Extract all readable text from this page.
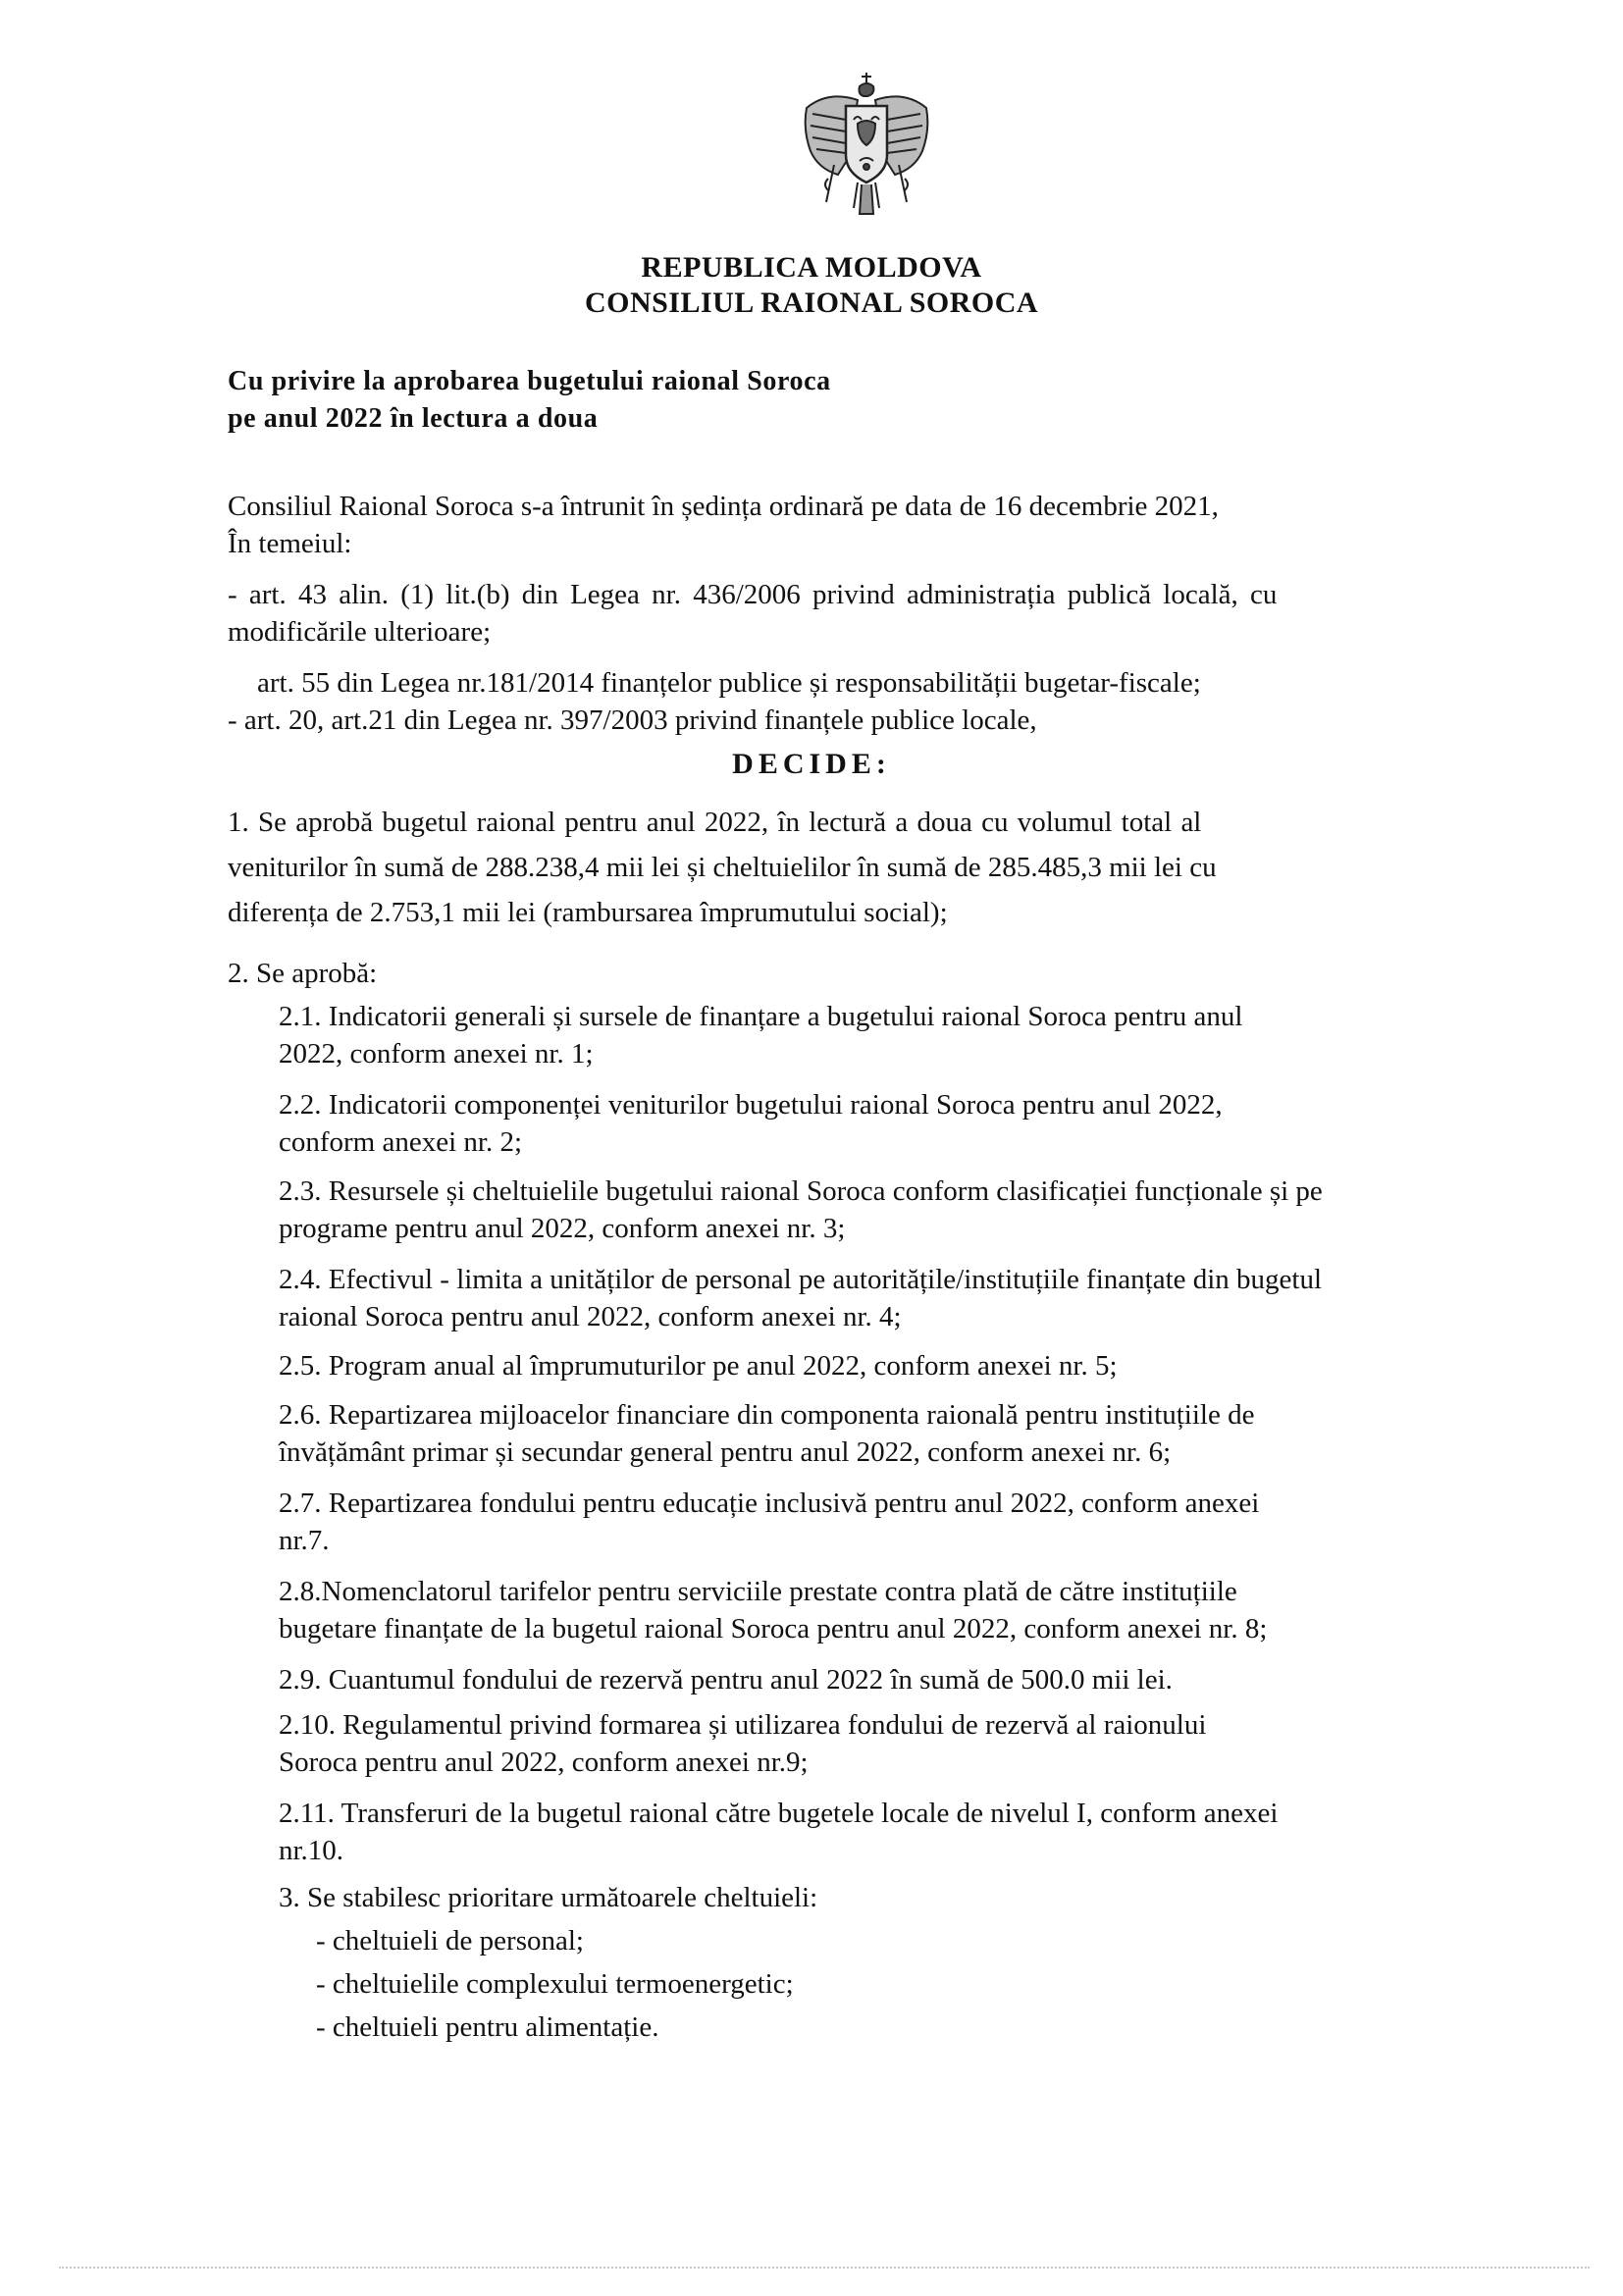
REPUBLICA MOLDOVA
CONSILIUL RAIONAL SOROCA
Cu privire la aprobarea bugetului raional Soroca
pe anul 2022 în lectura a doua
Consiliul Raional Soroca s-a întrunit în ședința ordinară pe data de 16 decembrie 2021,
În temeiul:
- art. 43 alin. (1) lit.(b) din Legea nr. 436/2006 privind administrația publică locală, cu
modificările ulterioare;
art. 55 din Legea nr.181/2014 finanțelor publice și responsabilității bugetar-fiscale;
- art. 20, art.21 din Legea nr. 397/2003 privind finanțele publice locale,
DECIDE:
1. Se aprobă bugetul raional pentru anul 2022, în lectură a doua cu volumul total al
veniturilor în sumă de 288.238,4 mii lei și cheltuielilor în sumă de 285.485,3 mii lei cu
diferența de 2.753,1 mii lei (rambursarea împrumutului social);
2. Se aprobă:
2.1. Indicatorii generali și sursele de finanțare a bugetului raional Soroca pentru anul
2022, conform anexei nr. 1;
2.2. Indicatorii componenței veniturilor bugetului raional Soroca pentru anul 2022,
conform anexei nr. 2;
2.3. Resursele și cheltuielile bugetului raional Soroca conform clasificației funcționale și pe
programe pentru anul 2022, conform anexei nr. 3;
2.4. Efectivul - limita a unităților de personal pe autoritățile/instituțiile finanțate din bugetul
raional Soroca pentru anul 2022, conform anexei nr. 4;
2.5. Program anual al împrumuturilor pe anul 2022, conform anexei nr. 5;
2.6. Repartizarea mijloacelor financiare din componenta raională pentru instituțiile de
învățământ primar și secundar general pentru anul 2022, conform anexei nr. 6;
2.7. Repartizarea fondului pentru educație inclusivă pentru anul 2022, conform anexei
nr.7.
2.8.Nomenclatorul tarifelor pentru serviciile prestate contra plată de către instituțiile
bugetare finanțate de la bugetul raional Soroca pentru anul 2022, conform anexei nr. 8;
2.9. Cuantumul fondului de rezervă pentru anul 2022 în sumă de 500.0 mii lei.
2.10. Regulamentul privind formarea și utilizarea fondului de rezervă al raionului
Soroca pentru anul 2022, conform anexei nr.9;
2.11. Transferuri de la bugetul raional către bugetele locale de nivelul I, conform anexei
nr.10.
3. Se stabilesc prioritare următoarele cheltuieli:
- cheltuieli de personal;
- cheltuielile complexului termoenergetic;
- cheltuieli pentru alimentație.
